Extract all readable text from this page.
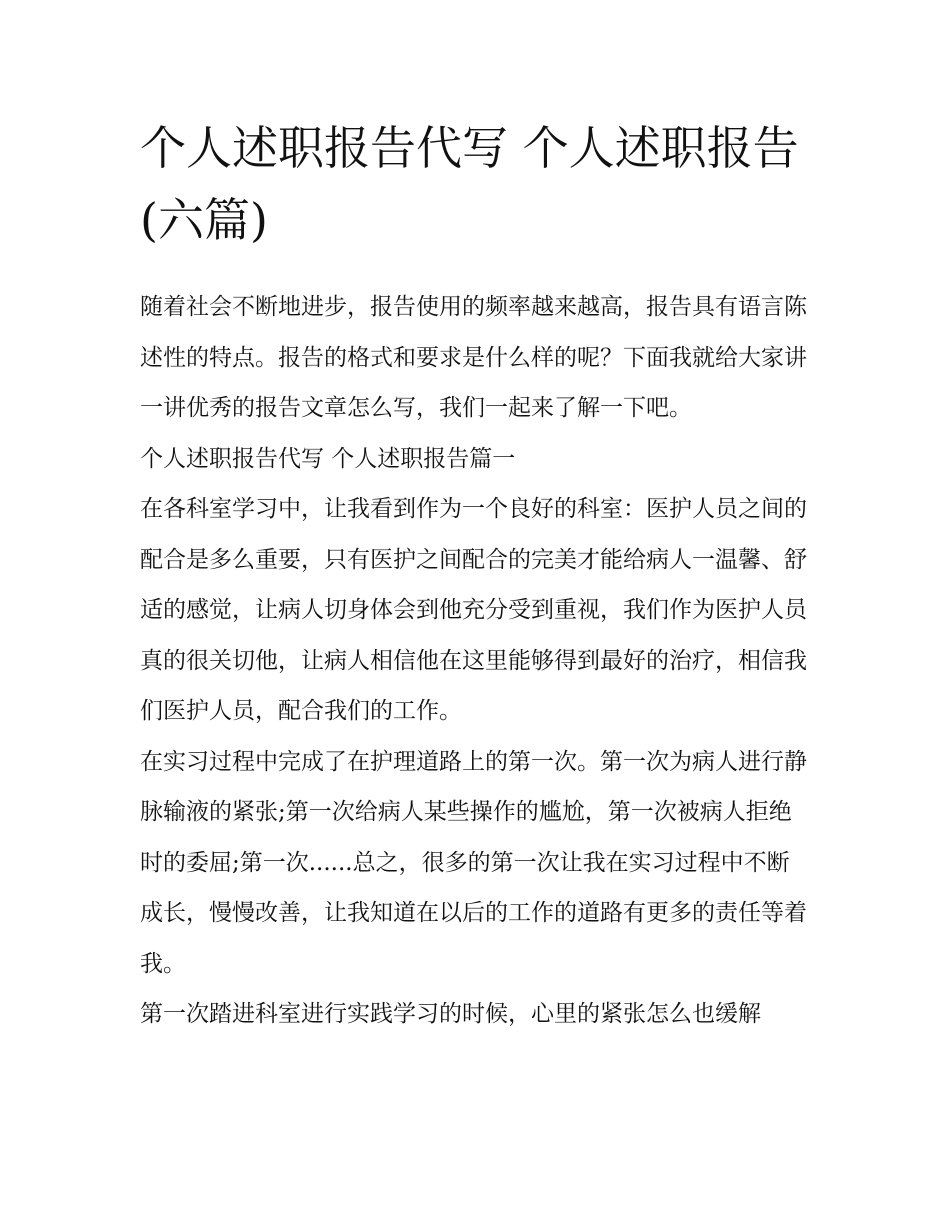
个人述职报告代写 个人述职报告(六篇)

随着社会不断地进步，报告使用的频率越来越高，报告具有语言陈述性的特点。报告的格式和要求是什么样的呢？下面我就给大家讲一讲优秀的报告文章怎么写，我们一起来了解一下吧。

个人述职报告代写 个人述职报告篇一

在各科室学习中，让我看到作为一个良好的科室：医护人员之间的配合是多么重要，只有医护之间配合的完美才能给病人一温馨、舒适的感觉，让病人切身体会到他充分受到重视，我们作为医护人员真的很关切他，让病人相信他在这里能够得到最好的治疗，相信我们医护人员，配合我们的工作。

在实习过程中完成了在护理道路上的第一次。第一次为病人进行静脉输液的紧张;第一次给病人某些操作的尴尬，第一次被病人拒绝时的委屈;第一次......总之，很多的第一次让我在实习过程中不断成长，慢慢改善，让我知道在以后的工作的道路有更多的责任等着我。

第一次踏进科室进行实践学习的时候，心里的紧张怎么也缓解
